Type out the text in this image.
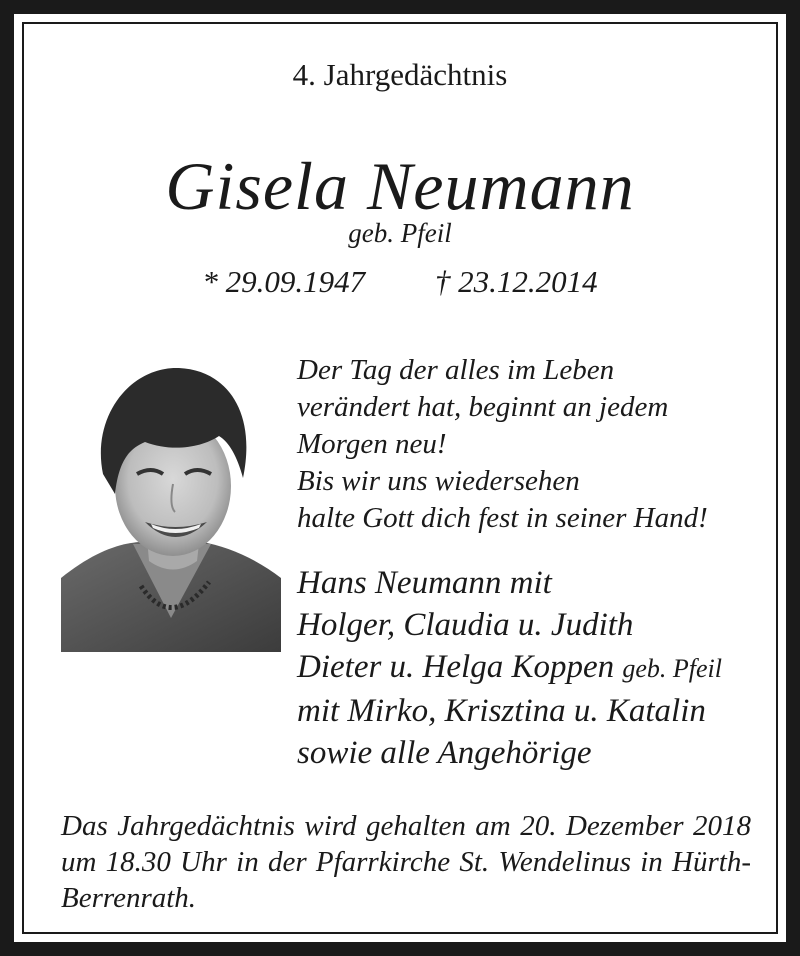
4. Jahrgedächtnis
Gisela Neumann
geb. Pfeil
* 29.09.1947 † 23.12.2014
Der Tag der alles im Leben
verändert hat, beginnt an jedem
Morgen neu!
Bis wir uns wiedersehen
halte Gott dich fest in seiner Hand!
Hans Neumann mit
Holger, Claudia u. Judith
Dieter u. Helga Koppen geb. Pfeil
mit Mirko, Krisztina u. Katalin
sowie alle Angehörige
Das Jahrgedächtnis wird gehalten am 20. Dezember 2018 um 18.30 Uhr in der Pfarrkirche St. Wendelinus in Hürth-Berrenrath.
